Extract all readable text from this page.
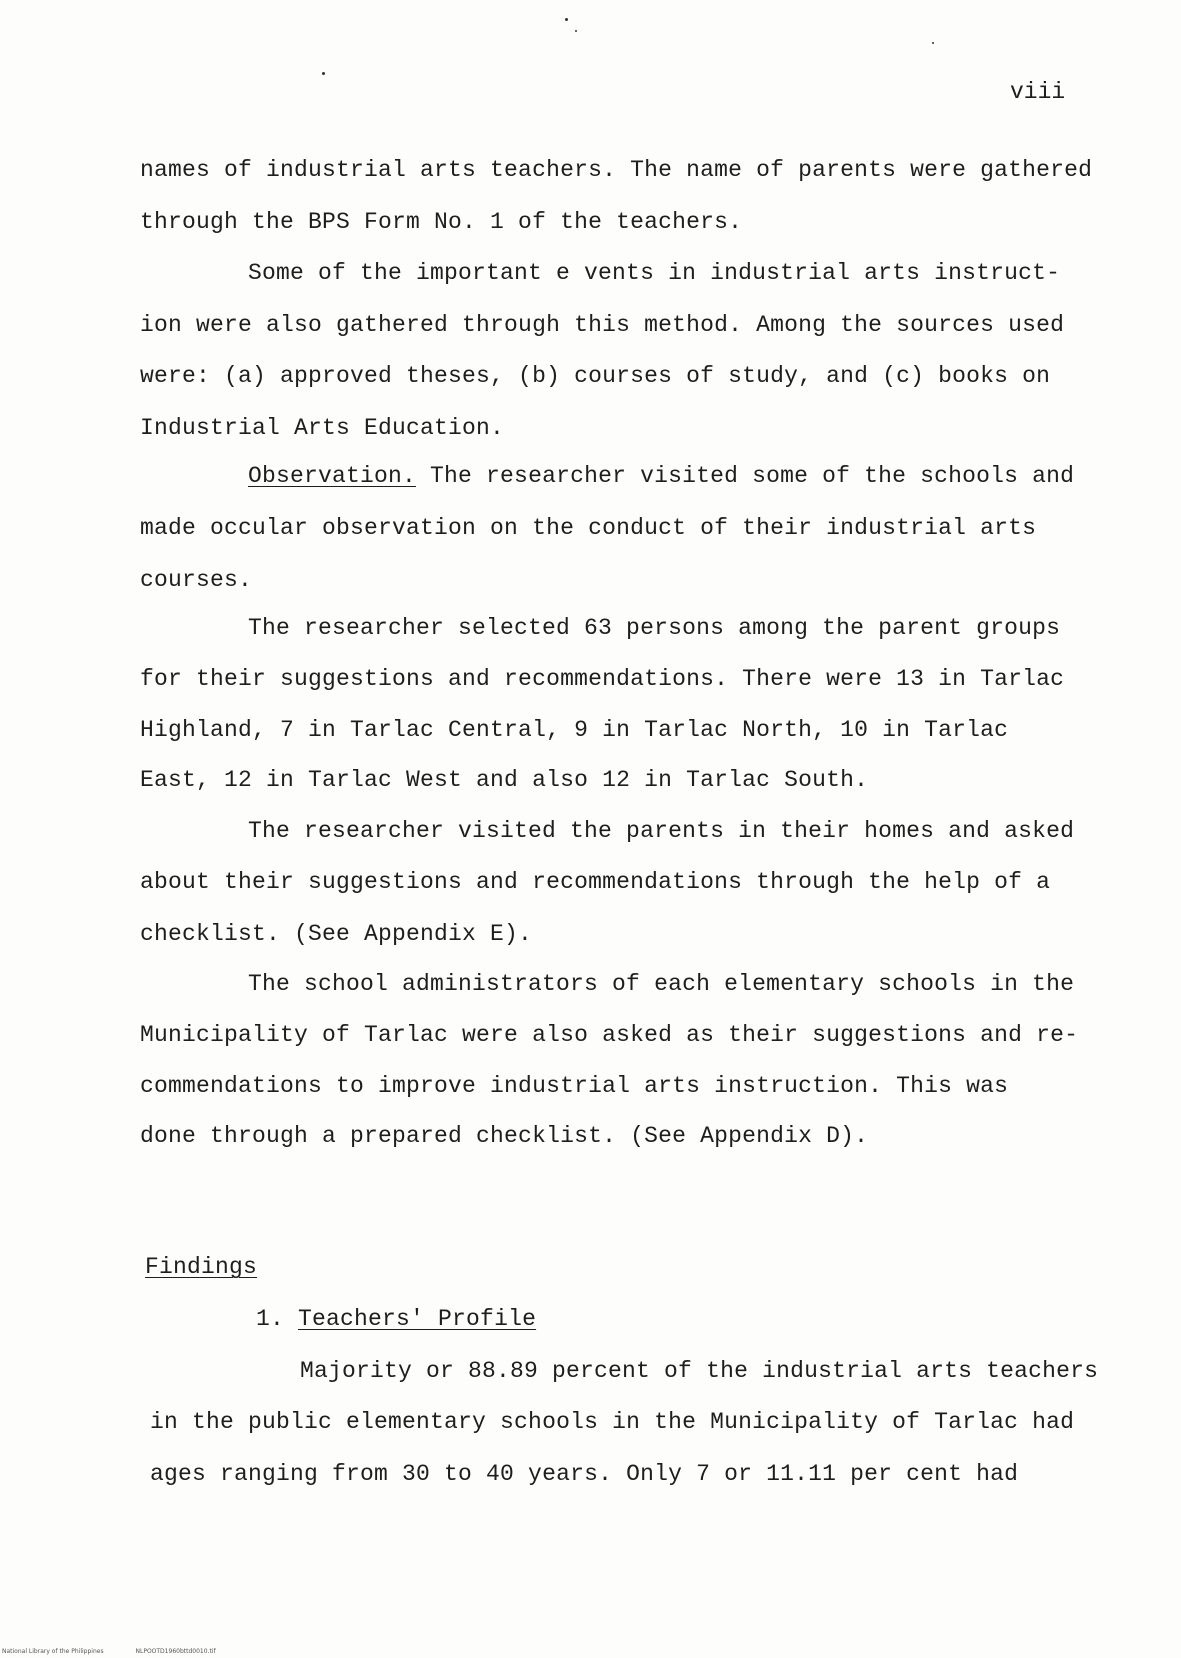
viii
names of industrial arts teachers. The name of parents were gathered
through the BPS Form No. 1 of the teachers.
Some of the important e vents in industrial arts instruct-
ion were also gathered through this method. Among the sources used
were: (a) approved theses, (b) courses of study, and (c) books on
Industrial Arts Education.
Observation. The researcher visited some of the schools and
made occular observation on the conduct of their industrial arts
courses.
The researcher selected 63 persons among the parent groups
for their suggestions and recommendations. There were 13 in Tarlac
Highland, 7 in Tarlac Central, 9 in Tarlac North, 10 in Tarlac
East, 12 in Tarlac West and also 12 in Tarlac South.
The researcher visited the parents in their homes and asked
about their suggestions and recommendations through the help of a
checklist. (See Appendix E).
The school administrators of each elementary schools in the
Municipality of Tarlac were also asked as their suggestions and re-
commendations to improve industrial arts instruction. This was
done through a prepared checklist. (See Appendix D).
Findings
1. Teachers' Profile
Majority or 88.89 percent of the industrial arts teachers
in the public elementary schools in the Municipality of Tarlac had
ages ranging from 30 to 40 years. Only 7 or 11.11 per cent had
National Library of the Philippines	NLPOOTD1960bttd0010.tif
